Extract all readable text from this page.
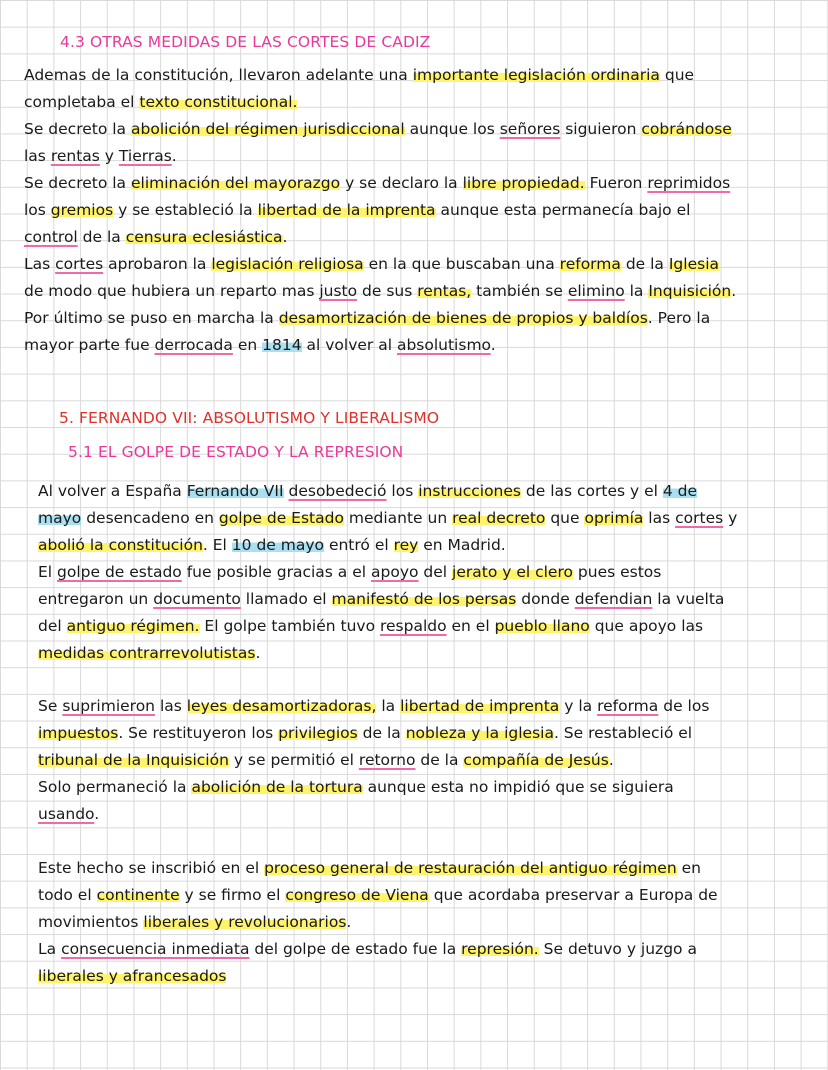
4.3 OTRAS MEDIDAS DE LAS CORTES DE CADIZ
Ademas de la constitución, llevaron adelante una importante legislación ordinaria que
completaba el texto constitucional.
Se decreto la abolición del régimen jurisdiccional aunque los señores siguieron cobrándose
las rentas y Tierras.
Se decreto la eliminación del mayorazgo y se declaro la libre propiedad. Fueron reprimidos
los gremios y se estableció la libertad de la imprenta aunque esta permanecía bajo el
control de la censura eclesiástica.
Las cortes aprobaron la legislación religiosa en la que buscaban una reforma de la Iglesia
de modo que hubiera un reparto mas justo de sus rentas, también se elimino la Inquisición.
Por último se puso en marcha la desamortización de bienes de propios y baldíos. Pero la
mayor parte fue derrocada en 1814 al volver al absolutismo.
5. FERNANDO VII: ABSOLUTISMO Y LIBERALISMO
5.1 EL GOLPE DE ESTADO Y LA REPRESION
Al volver a España Fernando VII desobedeció los instrucciones de las cortes y el 4 de
mayo desencadeno en golpe de Estado mediante un real decreto que oprimía las cortes y
abolió la constitución. El 10 de mayo entró el rey en Madrid.
El golpe de estado fue posible gracias a el apoyo del jerato y el clero pues estos
entregaron un documento llamado el manifestó de los persas donde defendian la vuelta
del antiguo régimen. El golpe también tuvo respaldo en el pueblo llano que apoyo las
medidas contrarrevolutistas.
Se suprimieron las leyes desamortizadoras, la libertad de imprenta y la reforma de los
impuestos. Se restituyeron los privilegios de la nobleza y la iglesia. Se restableció el
tribunal de la Inquisición y se permitió el retorno de la compañía de Jesús.
Solo permaneció la abolición de la tortura aunque esta no impidió que se siguiera
usando.
Este hecho se inscribió en el proceso general de restauración del antiguo régimen en
todo el continente y se firmo el congreso de Viena que acordaba preservar a Europa de
movimientos liberales y revolucionarios.
La consecuencia inmediata del golpe de estado fue la represión. Se detuvo y juzgo a
liberales y afrancesados
